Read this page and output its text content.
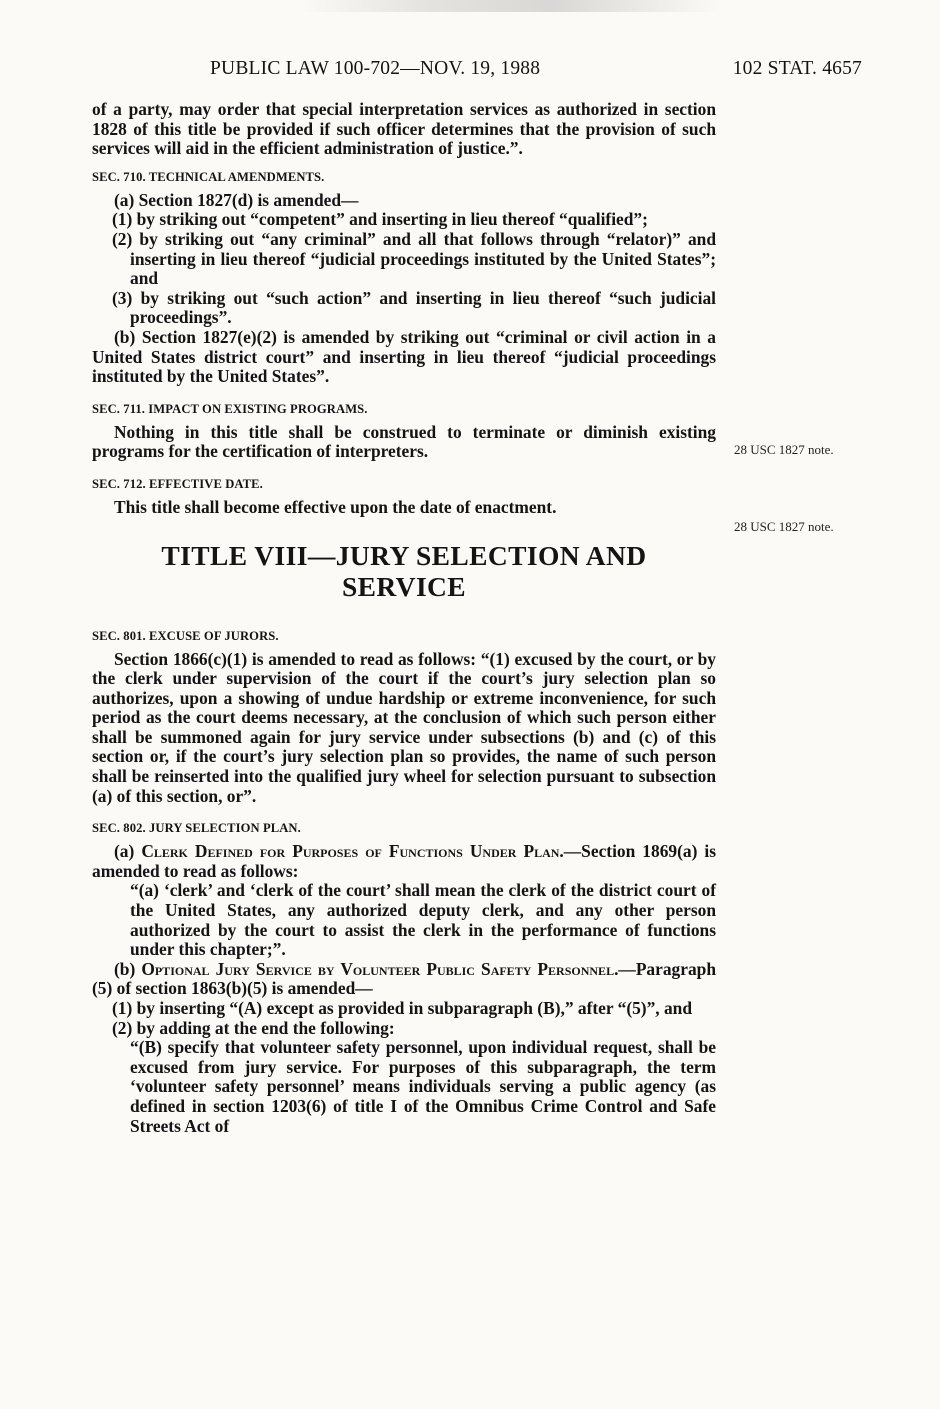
PUBLIC LAW 100-702—NOV. 19, 1988	102 STAT. 4657

of a party, may order that special interpretation services as authorized in section 1828 of this title be provided if such officer determines that the provision of such services will aid in the efficient administration of justice.”.

SEC. 710. TECHNICAL AMENDMENTS.

(a) Section 1827(d) is amended—

(1) by striking out “competent” and inserting in lieu thereof “qualified”;

(2) by striking out “any criminal” and all that follows through “relator)” and inserting in lieu thereof “judicial proceedings instituted by the United States”; and

(3) by striking out “such action” and inserting in lieu thereof “such judicial proceedings”.

(b) Section 1827(e)(2) is amended by striking out “criminal or civil action in a United States district court” and inserting in lieu thereof “judicial proceedings instituted by the United States”.

SEC. 711. IMPACT ON EXISTING PROGRAMS.

Nothing in this title shall be construed to terminate or diminish existing programs for the certification of interpreters.

SEC. 712. EFFECTIVE DATE.

This title shall become effective upon the date of enactment.

TITLE VIII—JURY SELECTION AND
SERVICE
SEC. 801. EXCUSE OF JURORS.

Section 1866(c)(1) is amended to read as follows: “(1) excused by the court, or by the clerk under supervision of the court if the court’s jury selection plan so authorizes, upon a showing of undue hardship or extreme inconvenience, for such period as the court deems necessary, at the conclusion of which such person either shall be summoned again for jury service under subsections (b) and (c) of this section or, if the court’s jury selection plan so provides, the name of such person shall be reinserted into the qualified jury wheel for selection pursuant to subsection (a) of this section, or”.

SEC. 802. JURY SELECTION PLAN.

(a) Clerk Defined for Purposes of Functions Under Plan.—Section 1869(a) is amended to read as follows:

“(a) ‘clerk’ and ‘clerk of the court’ shall mean the clerk of the district court of the United States, any authorized deputy clerk, and any other person authorized by the court to assist the clerk in the performance of functions under this chapter;”.

(b) Optional Jury Service by Volunteer Public Safety Personnel.—Paragraph (5) of section 1863(b)(5) is amended—

(1) by inserting “(A) except as provided in subparagraph (B),” after “(5)”, and

(2) by adding at the end the following:

“(B) specify that volunteer safety personnel, upon individual request, shall be excused from jury service. For purposes of this subparagraph, the term ‘volunteer safety personnel’ means individuals serving a public agency (as defined in section 1203(6) of title I of the Omnibus Crime Control and Safe Streets Act of

28 USC 1827 note.
28 USC 1827 note.
